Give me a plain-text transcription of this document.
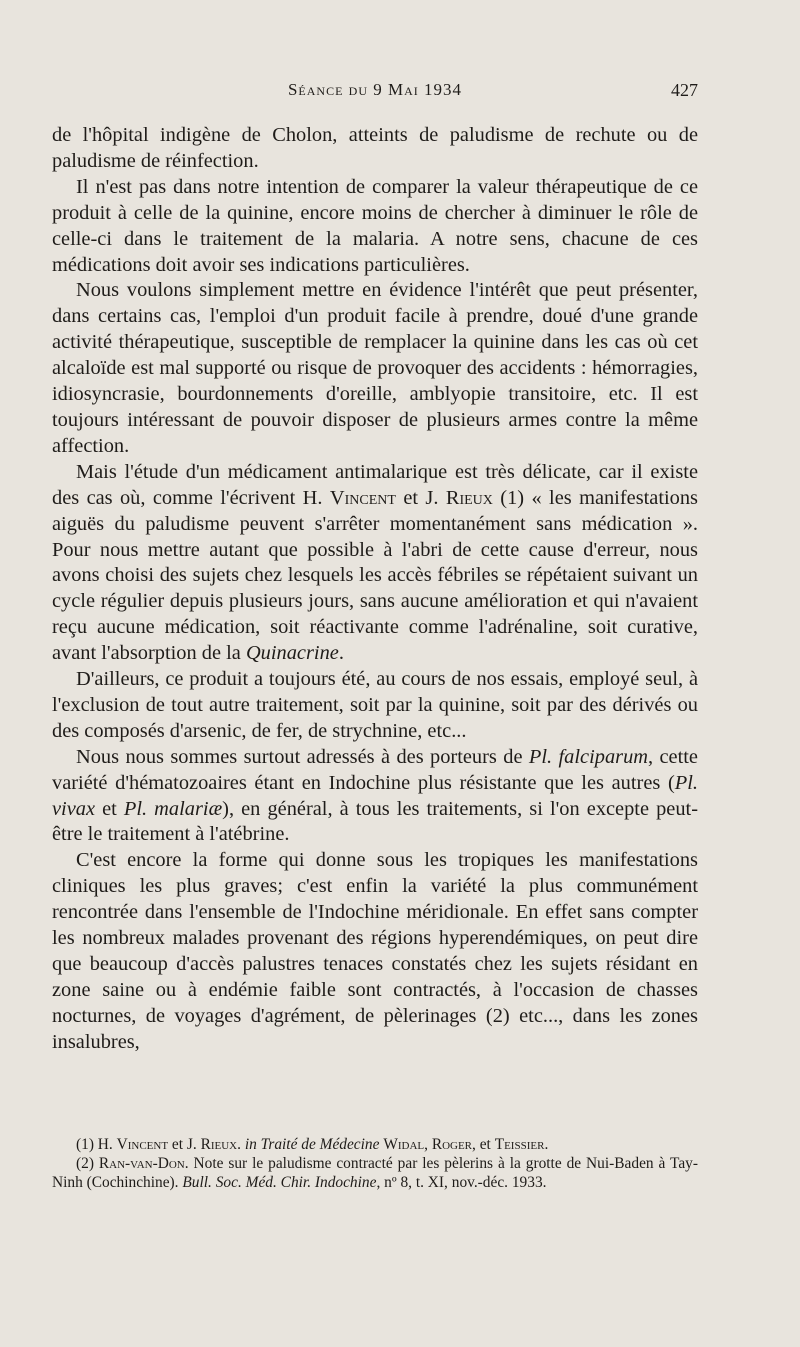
Séance du 9 Mai 1934	427

de l'hôpital indigène de Cholon, atteints de paludisme de rechute ou de paludisme de réinfection.

Il n'est pas dans notre intention de comparer la valeur thérapeutique de ce produit à celle de la quinine, encore moins de chercher à diminuer le rôle de celle-ci dans le traitement de la malaria. A notre sens, chacune de ces médications doit avoir ses indications particulières.

Nous voulons simplement mettre en évidence l'intérêt que peut présenter, dans certains cas, l'emploi d'un produit facile à prendre, doué d'une grande activité thérapeutique, susceptible de remplacer la quinine dans les cas où cet alcaloïde est mal supporté ou risque de provoquer des accidents : hémorragies, idiosyncrasie, bourdonnements d'oreille, amblyopie transitoire, etc. Il est toujours intéressant de pouvoir disposer de plusieurs armes contre la même affection.

Mais l'étude d'un médicament antimalarique est très délicate, car il existe des cas où, comme l'écrivent H. Vincent et J. Rieux (1) « les manifestations aiguës du paludisme peuvent s'arrêter momentanément sans médication ». Pour nous mettre autant que possible à l'abri de cette cause d'erreur, nous avons choisi des sujets chez lesquels les accès fébriles se répétaient suivant un cycle régulier depuis plusieurs jours, sans aucune amélioration et qui n'avaient reçu aucune médication, soit réactivante comme l'adrénaline, soit curative, avant l'absorption de la Quinacrine.

D'ailleurs, ce produit a toujours été, au cours de nos essais, employé seul, à l'exclusion de tout autre traitement, soit par la quinine, soit par des dérivés ou des composés d'arsenic, de fer, de strychnine, etc...

Nous nous sommes surtout adressés à des porteurs de Pl. falciparum, cette variété d'hématozoaires étant en Indochine plus résistante que les autres (Pl. vivax et Pl. malariæ), en général, à tous les traitements, si l'on excepte peut-être le traitement à l'atébrine.

C'est encore la forme qui donne sous les tropiques les manifestations cliniques les plus graves; c'est enfin la variété la plus communément rencontrée dans l'ensemble de l'Indochine méridionale. En effet sans compter les nombreux malades provenant des régions hyperendémiques, on peut dire que beaucoup d'accès palustres tenaces constatés chez les sujets résidant en zone saine ou à endémie faible sont contractés, à l'occasion de chasses nocturnes, de voyages d'agrément, de pèlerinages (2) etc..., dans les zones insalubres,

(1) H. Vincent et J. Rieux. in Traité de Médecine Widal, Roger, et Teissier.

(2) Ran-van-Don. Note sur le paludisme contracté par les pèlerins à la grotte de Nui-Baden à Tay-Ninh (Cochinchine). Bull. Soc. Méd. Chir. Indochine, nº 8, t. XI, nov.-déc. 1933.
